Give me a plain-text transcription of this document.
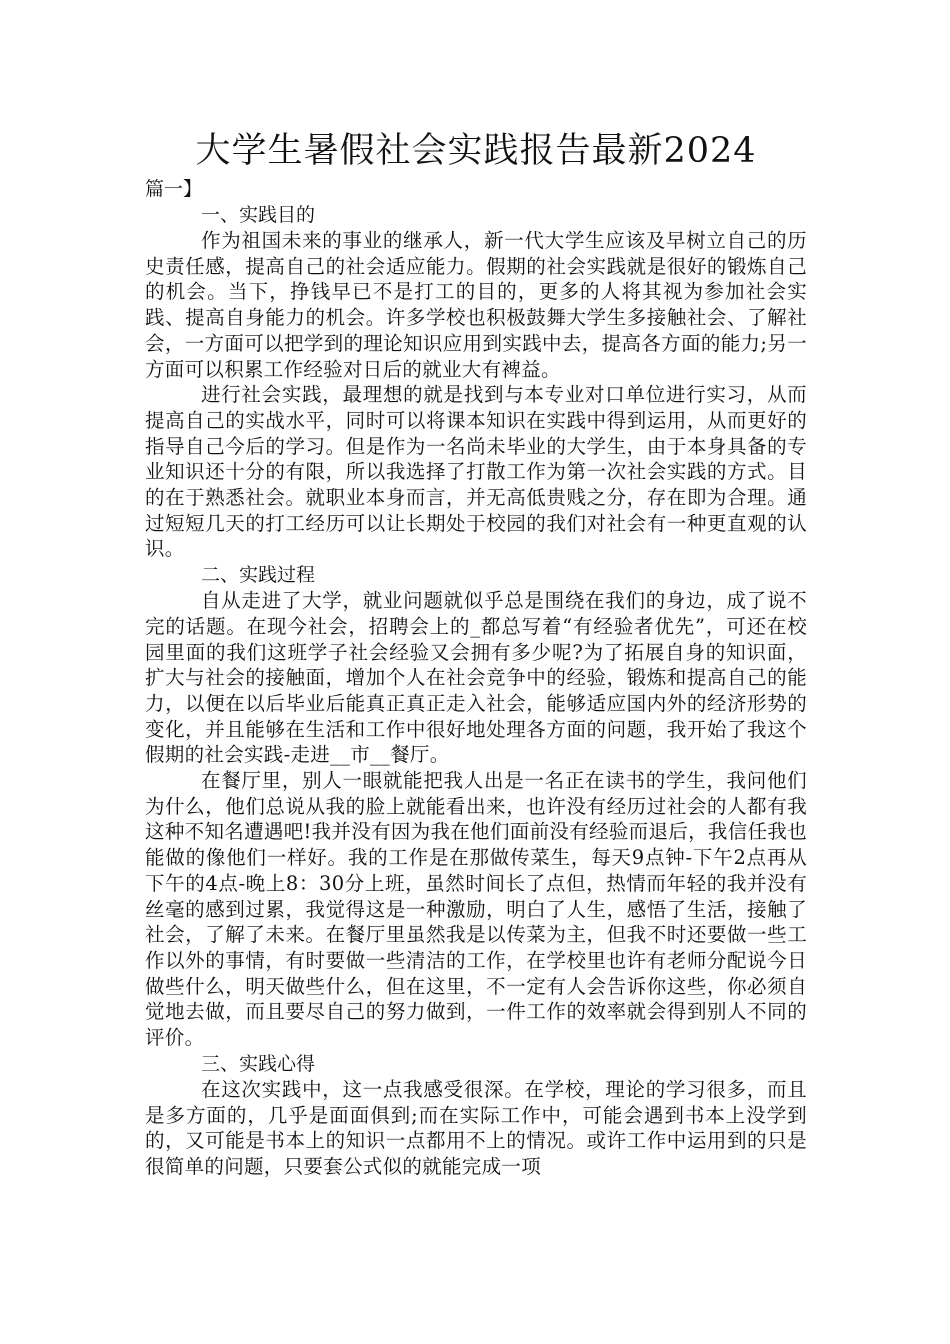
大学生暑假社会实践报告最新2024

篇一】

一、实践目的

作为祖国未来的事业的继承人，新一代大学生应该及早树立自己的历史责任感，提高自己的社会适应能力。假期的社会实践就是很好的锻炼自己的机会。当下，挣钱早已不是打工的目的，更多的人将其视为参加社会实践、提高自身能力的机会。许多学校也积极鼓舞大学生多接触社会、了解社会，一方面可以把学到的理论知识应用到实践中去，提高各方面的能力;另一方面可以积累工作经验对日后的就业大有裨益。

进行社会实践，最理想的就是找到与本专业对口单位进行实习，从而提高自己的实战水平，同时可以将课本知识在实践中得到运用，从而更好的指导自己今后的学习。但是作为一名尚未毕业的大学生，由于本身具备的专业知识还十分的有限，所以我选择了打散工作为第一次社会实践的方式。目的在于熟悉社会。就职业本身而言，并无高低贵贱之分，存在即为合理。通过短短几天的打工经历可以让长期处于校园的我们对社会有一种更直观的认识。

二、实践过程

自从走进了大学，就业问题就似乎总是围绕在我们的身边，成了说不完的话题。在现今社会，招聘会上的_都总写着“有经验者优先”，可还在校园里面的我们这班学子社会经验又会拥有多少呢?为了拓展自身的知识面，扩大与社会的接触面，增加个人在社会竞争中的经验，锻炼和提高自己的能力，以便在以后毕业后能真正真正走入社会，能够适应国内外的经济形势的变化，并且能够在生活和工作中很好地处理各方面的问题，我开始了我这个假期的社会实践-走进__市__餐厅。

在餐厅里，别人一眼就能把我人出是一名正在读书的学生，我问他们为什么，他们总说从我的脸上就能看出来，也许没有经历过社会的人都有我这种不知名遭遇吧!我并没有因为我在他们面前没有经验而退后，我信任我也能做的像他们一样好。我的工作是在那做传菜生，每天9点钟-下午2点再从下午的4点-晚上8：30分上班，虽然时间长了点但，热情而年轻的我并没有丝毫的感到过累，我觉得这是一种激励，明白了人生，感悟了生活，接触了社会，了解了未来。在餐厅里虽然我是以传菜为主，但我不时还要做一些工作以外的事情，有时要做一些清洁的工作，在学校里也许有老师分配说今日做些什么，明天做些什么，但在这里，不一定有人会告诉你这些，你必须自觉地去做，而且要尽自己的努力做到，一件工作的效率就会得到别人不同的评价。

三、实践心得

在这次实践中，这一点我感受很深。在学校，理论的学习很多，而且是多方面的，几乎是面面俱到;而在实际工作中，可能会遇到书本上没学到的，又可能是书本上的知识一点都用不上的情况。或许工作中运用到的只是很简单的问题，只要套公式似的就能完成一项
